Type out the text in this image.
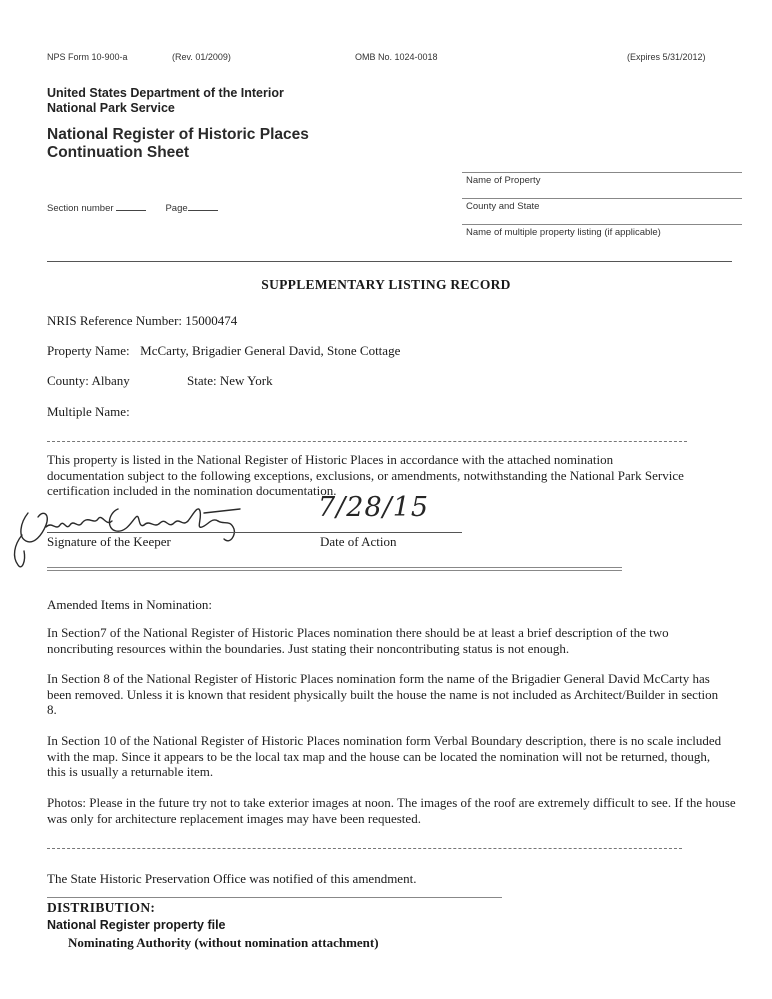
NPS Form 10-900-a	(Rev. 01/2009)	OMB No. 1024-0018	(Expires 5/31/2012)
United States Department of the Interior
National Park Service
National Register of Historic Places
Continuation Sheet
Section number	Page
Name of Property
County and State
Name of multiple property listing (if applicable)
SUPPLEMENTARY LISTING RECORD
NRIS Reference Number: 15000474
Property Name: McCarty, Brigadier General David, Stone Cottage
County: Albany	State: New York
Multiple Name:
This property is listed in the National Register of Historic Places in accordance with the attached nomination documentation subject to the following exceptions, exclusions, or amendments, notwithstanding the National Park Service certification included in the nomination documentation.
7/28/15
Signature of the Keeper	Date of Action
Amended Items in Nomination:
In Section7 of the National Register of Historic Places nomination there should be at least a brief description of the two noncributing resources within the boundaries. Just stating their noncontributing status is not enough.
In Section 8 of the National Register of Historic Places nomination form the name of the Brigadier General David McCarty has been removed. Unless it is known that resident physically built the house the name is not included as Architect/Builder in section 8.
In Section 10 of the National Register of Historic Places nomination form Verbal Boundary description, there is no scale included with the map. Since it appears to be the local tax map and the house can be located the nomination will not be returned, though, this is usually a returnable item.
Photos: Please in the future try not to take exterior images at noon. The images of the roof are extremely difficult to see. If the house was only for architecture replacement images may have been requested.
The State Historic Preservation Office was notified of this amendment.
DISTRIBUTION:
National Register property file
Nominating Authority (without nomination attachment)
